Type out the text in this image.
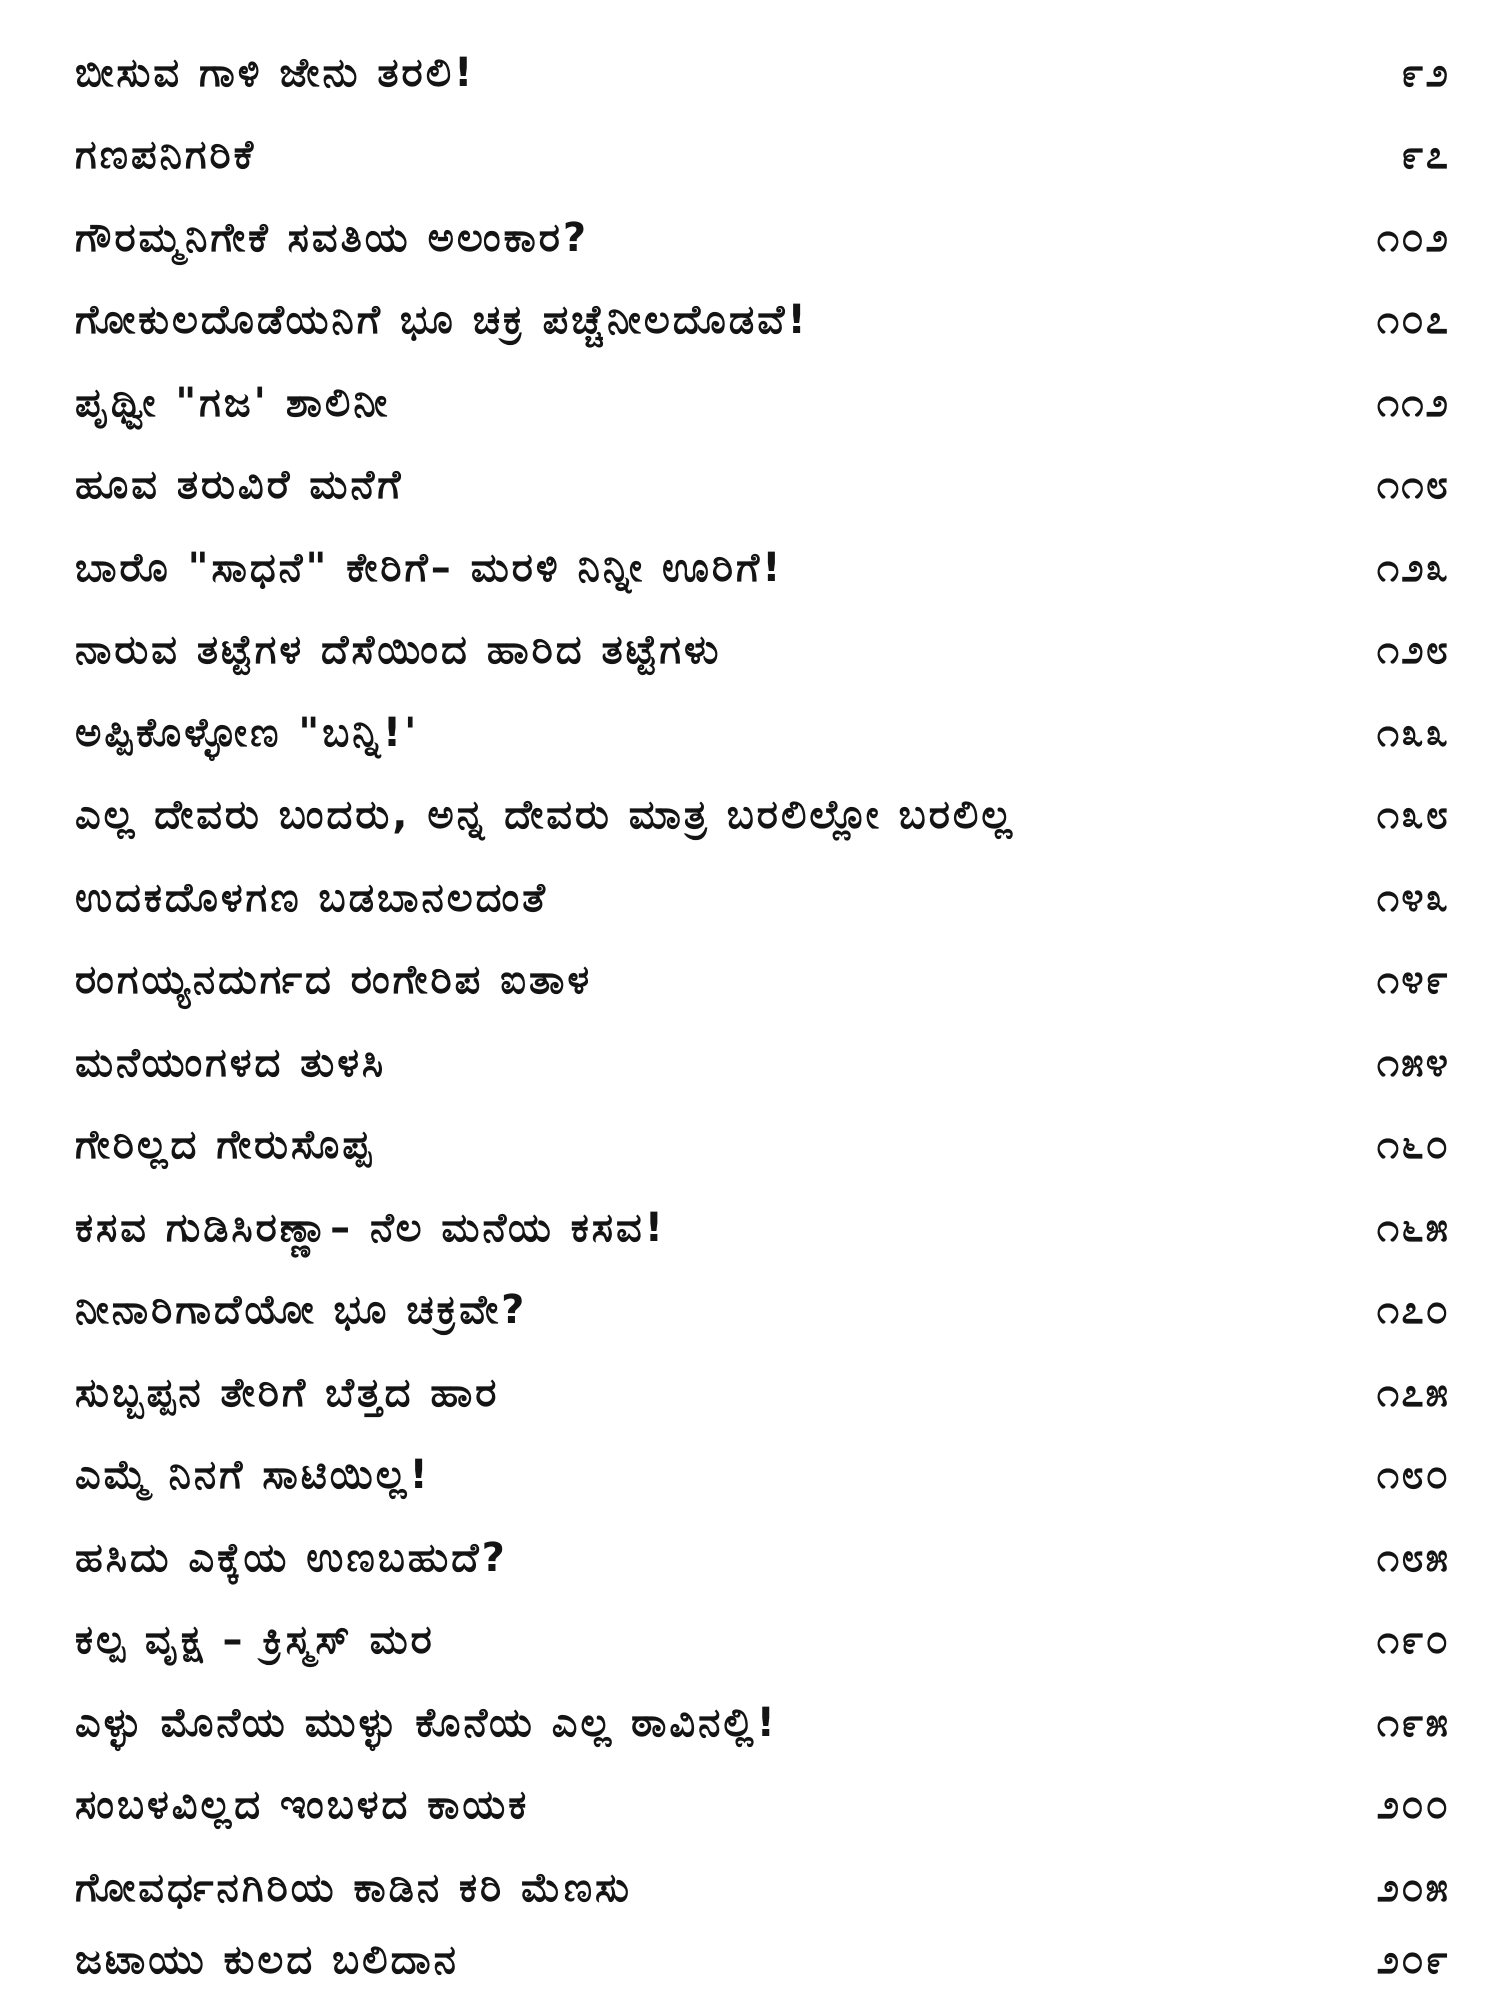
ಬೀಸುವ ಗಾಳಿ ಜೇನು ತರಲಿ!	೯೨
ಗಣಪನಿಗರಿಕೆ	೯೭
ಗೌರಮ್ಮನಿಗೇಕೆ ಸವತಿಯ ಅಲಂಕಾರ?	೧೦೨
ಗೋಕುಲದೊಡೆಯನಿಗೆ ಭೂ ಚಕ್ರ ಪಚ್ಚೆನೀಲದೊಡವೆ!	೧೦೭
ಪೃಥ್ವೀ "ಗಜ' ಶಾಲಿನೀ	೧೧೨
ಹೂವ ತರುವಿರೆ ಮನೆಗೆ	೧೧೮
ಬಾರೊ "ಸಾಧನೆ" ಕೇರಿಗೆ– ಮರಳಿ ನಿನ್ನೀ ಊರಿಗೆ!	೧೨೩
ನಾರುವ ತಟ್ಟೆಗಳ ದೆಸೆಯಿಂದ ಹಾರಿದ ತಟ್ಟೆಗಳು	೧೨೮
ಅಪ್ಪಿಕೊಳ್ಳೋಣ "ಬನ್ನಿ!'	೧೩೩
ಎಲ್ಲ ದೇವರು ಬಂದರು, ಅನ್ನ ದೇವರು ಮಾತ್ರ ಬರಲಿಲ್ಲೋ ಬರಲಿಲ್ಲ	೧೩೮
ಉದಕದೊಳಗಣ ಬಡಬಾನಲದಂತೆ	೧೪೩
ರಂಗಯ್ಯನದುರ್ಗದ ರಂಗೇರಿಪ ಐತಾಳ	೧೪೯
ಮನೆಯಂಗಳದ ತುಳಸಿ	೧೫೪
ಗೇರಿಲ್ಲದ ಗೇರುಸೊಪ್ಪ	೧೬೦
ಕಸವ ಗುಡಿಸಿರಣ್ಣಾ– ನೆಲ ಮನೆಯ ಕಸವ!	೧೬೫
ನೀನಾರಿಗಾದೆಯೋ ಭೂ ಚಕ್ರವೇ?	೧೭೦
ಸುಬ್ಬಪ್ಪನ ತೇರಿಗೆ ಬೆತ್ತದ ಹಾರ	೧೭೫
ಎಮ್ಮೆ ನಿನಗೆ ಸಾಟಿಯಿಲ್ಲ!	೧೮೦
ಹಸಿದು ಎಕ್ಕೆಯ ಉಣಬಹುದೆ?	೧೮೫
ಕಲ್ಪ ವೃಕ್ಷ – ಕ್ರಿಸ್ಮಸ್ ಮರ	೧೯೦
ಎಳ್ಳು ಮೊನೆಯ ಮುಳ್ಳು ಕೊನೆಯ ಎಲ್ಲ ಠಾವಿನಲ್ಲಿ!	೧೯೫
ಸಂಬಳವಿಲ್ಲದ ಇಂಬಳದ ಕಾಯಕ	೨೦೦
ಗೋವರ್ಧನಗಿರಿಯ ಕಾಡಿನ ಕರಿ ಮೆಣಸು	೨೦೫
ಜಟಾಯು ಕುಲದ ಬಲಿದಾನ	೨೦೯
